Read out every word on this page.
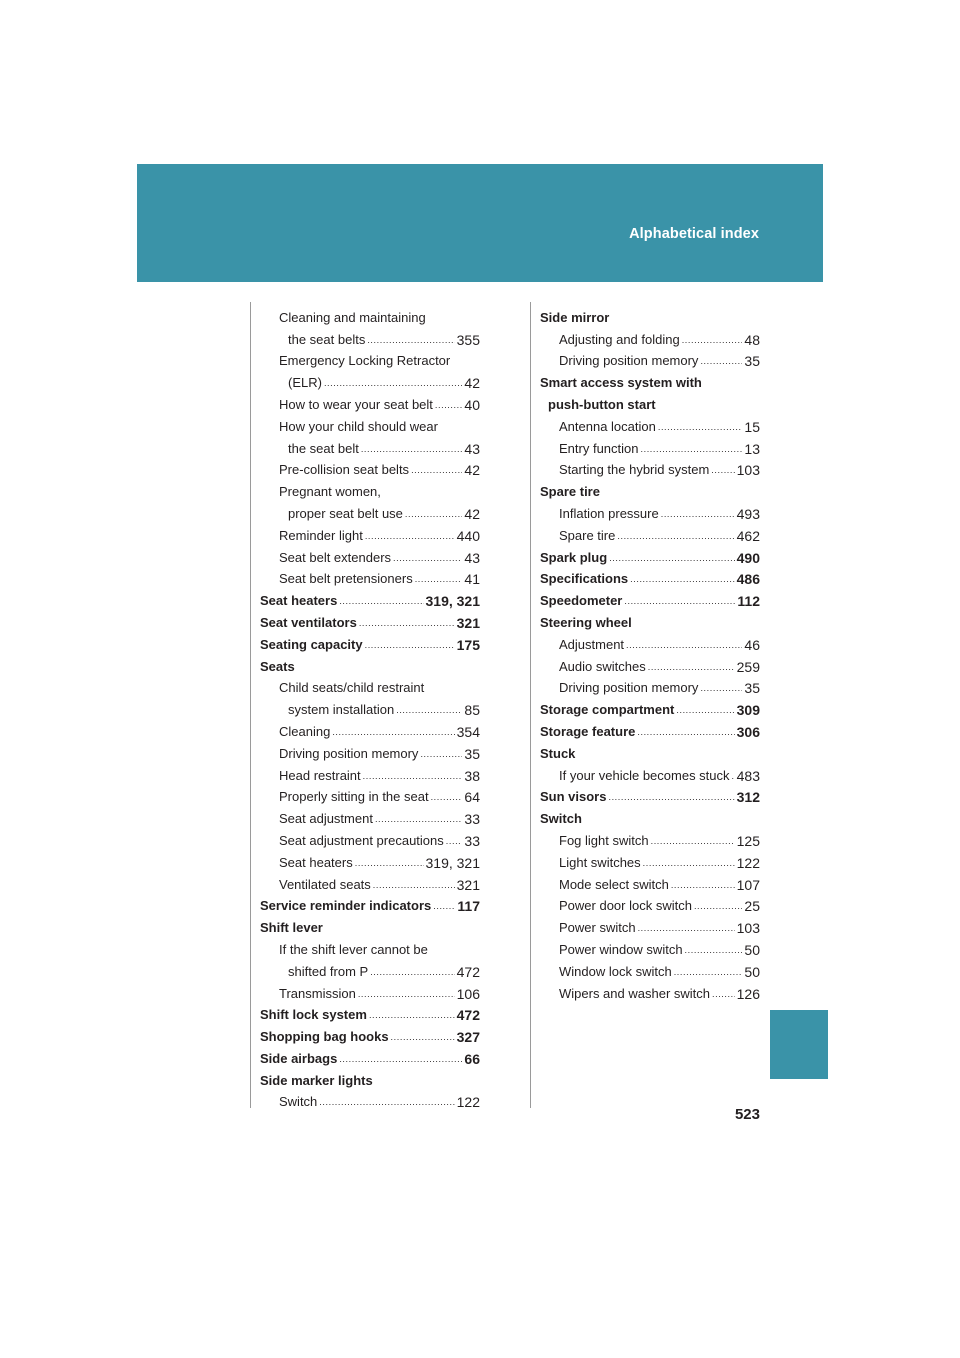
Alphabetical index
Cleaning and maintaining
the seat belts .....	355
Emergency Locking Retractor
(ELR) .....	42
How to wear your seat belt ..... 40
How your child should wear
the seat belt .....	43
Pre-collision seat belts .....	42
Pregnant women,
proper seat belt use .....	42
Reminder light .....	440
Seat belt extenders .....	43
Seat belt pretensioners .....	41
Seat heaters .....	319, 321
Seat ventilators .....	321
Seating capacity .....	175
Seats
Child seats/child restraint
system installation .....	85
Cleaning .....	354
Driving position memory .....	35
Head restraint .....	38
Properly sitting in the seat .....	64
Seat adjustment .....	33
Seat adjustment precautions ..... 33
Seat heaters .....	319, 321
Ventilated seats .....	321
Service reminder indicators ..... 117
Shift lever
If the shift lever cannot be
shifted from P .....	472
Transmission .....	106
Shift lock system .....	472
Shopping bag hooks .....	327
Side airbags .....	66
Side marker lights
Switch .....	122
Side mirror
Adjusting and folding .....	48
Driving position memory .....	35
Smart access system with
push-button start
Antenna location .....	15
Entry function .....	13
Starting the hybrid system ..... 103
Spare tire
Inflation pressure .....	493
Spare tire .....	462
Spark plug .....	490
Specifications .....	486
Speedometer .....	112
Steering wheel
Adjustment .....	46
Audio switches .....	259
Driving position memory .....	35
Storage compartment .....	309
Storage feature .....	306
Stuck
If your vehicle becomes stuck ..... 483
Sun visors .....	312
Switch
Fog light switch .....	125
Light switches .....	122
Mode select switch .....	107
Power door lock switch .....	25
Power switch .....	103
Power window switch .....	50
Window lock switch .....	50
Wipers and washer switch ..... 126
523
